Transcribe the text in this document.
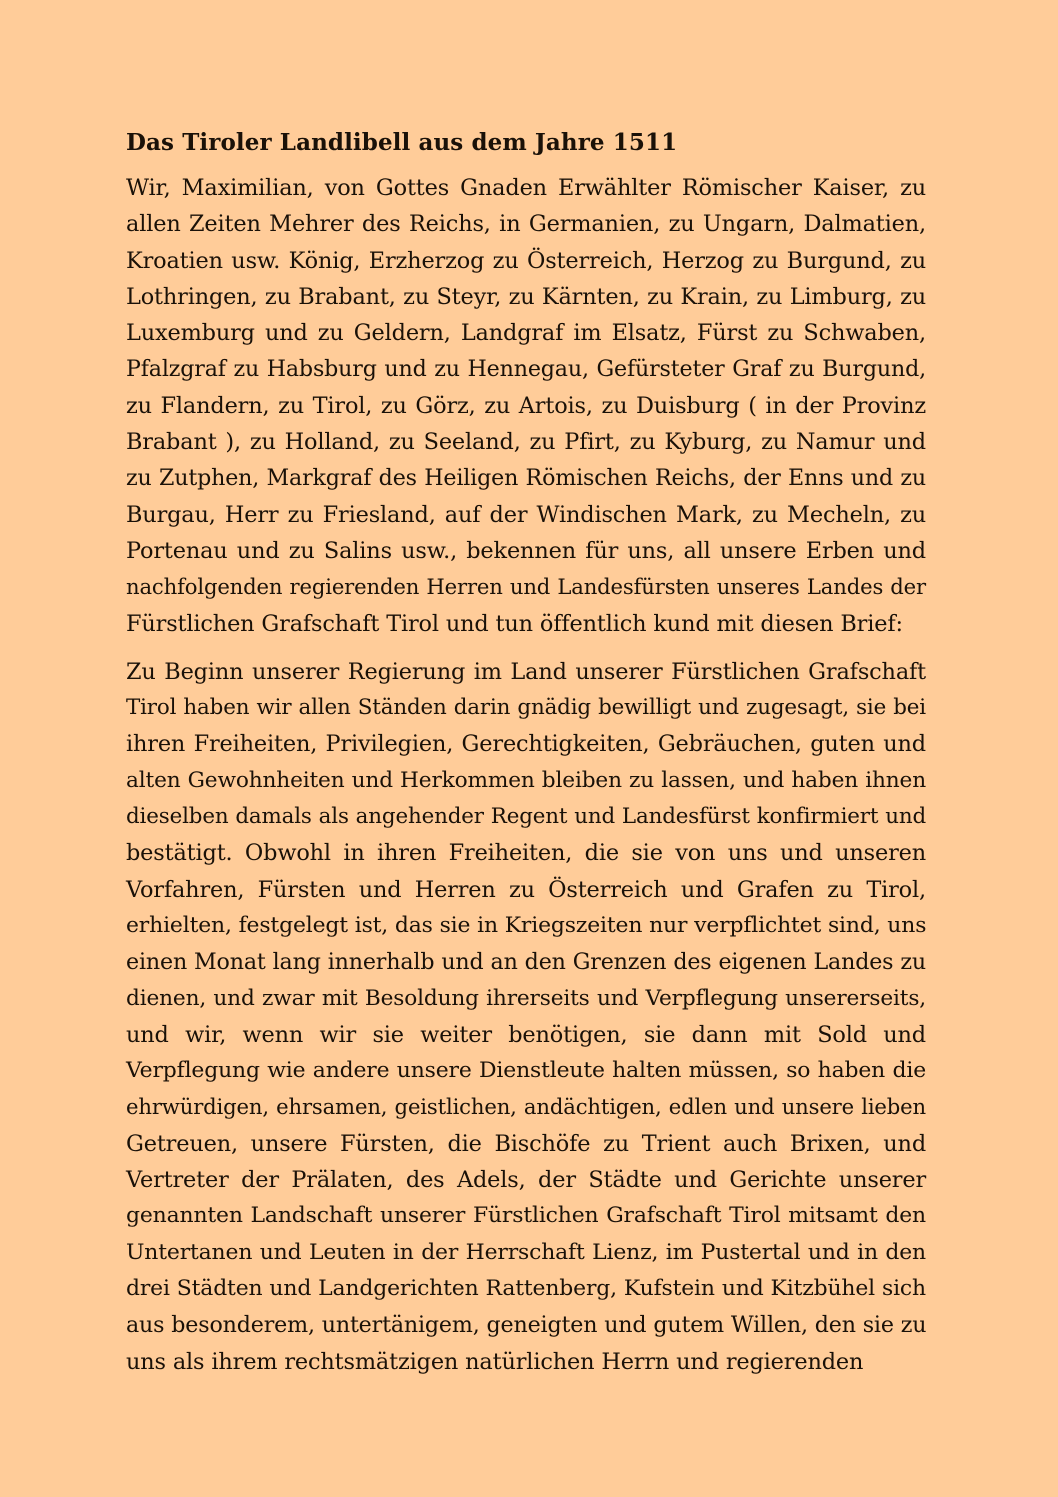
Das Tiroler Landlibell aus dem Jahre 1511
Wir, Maximilian, von Gottes Gnaden Erwählter Römischer Kaiser, zu
allen Zeiten Mehrer des Reichs, in Germanien, zu Ungarn, Dalmatien,
Kroatien usw. König, Erzherzog zu Österreich, Herzog zu Burgund, zu
Lothringen, zu Brabant, zu Steyr, zu Kärnten, zu Krain, zu Limburg, zu
Luxemburg und zu Geldern, Landgraf im Elsatz, Fürst zu Schwaben,
Pfalzgraf zu Habsburg und zu Hennegau, Gefürsteter Graf zu Burgund,
zu Flandern, zu Tirol, zu Görz, zu Artois, zu Duisburg ( in der Provinz
Brabant ), zu Holland, zu Seeland, zu Pfirt, zu Kyburg, zu Namur und
zu Zutphen, Markgraf des Heiligen Römischen Reichs, der Enns und zu
Burgau, Herr zu Friesland, auf der Windischen Mark, zu Mecheln, zu
Portenau und zu Salins usw., bekennen für uns, all unsere Erben und
nachfolgenden regierenden Herren und Landesfürsten unseres Landes der
Fürstlichen Grafschaft Tirol und tun öffentlich kund mit diesen Brief:
Zu Beginn unserer Regierung im Land unserer Fürstlichen Grafschaft
Tirol haben wir allen Ständen darin gnädig bewilligt und zugesagt, sie bei
ihren Freiheiten, Privilegien, Gerechtigkeiten, Gebräuchen, guten und
alten Gewohnheiten und Herkommen bleiben zu lassen, und haben ihnen
dieselben damals als angehender Regent und Landesfürst konfirmiert und
bestätigt. Obwohl in ihren Freiheiten, die sie von uns und unseren
Vorfahren, Fürsten und Herren zu Österreich und Grafen zu Tirol,
erhielten, festgelegt ist, das sie in Kriegszeiten nur verpflichtet sind, uns
einen Monat lang innerhalb und an den Grenzen des eigenen Landes zu
dienen, und zwar mit Besoldung ihrerseits und Verpflegung unsererseits,
und wir, wenn wir sie weiter benötigen, sie dann mit Sold und
Verpflegung wie andere unsere Dienstleute halten müssen, so haben die
ehrwürdigen, ehrsamen, geistlichen, andächtigen, edlen und unsere lieben
Getreuen, unsere Fürsten, die Bischöfe zu Trient auch Brixen, und
Vertreter der Prälaten, des Adels, der Städte und Gerichte unserer
genannten Landschaft unserer Fürstlichen Grafschaft Tirol mitsamt den
Untertanen und Leuten in der Herrschaft Lienz, im Pustertal und in den
drei Städten und Landgerichten Rattenberg, Kufstein und Kitzbühel sich
aus besonderem, untertänigem, geneigten und gutem Willen, den sie zu
uns als ihrem rechtsmätzigen natürlichen Herrn und regierenden
